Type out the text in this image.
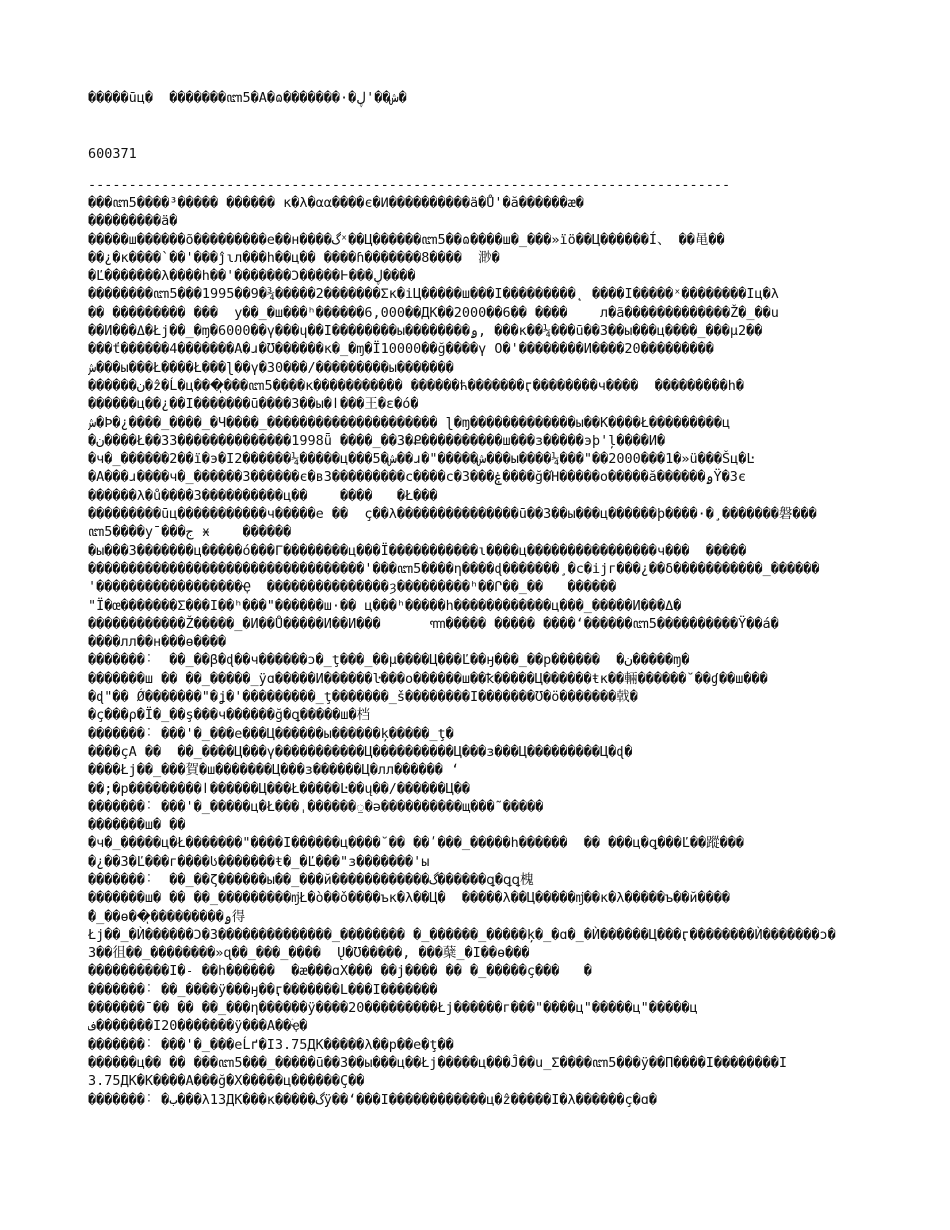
�����ūц�  �������ꦧ5�А�ɷ�������·�ش��'ڸ�
600371
-------------------------------------------------------------------------------
���ꦧ5����³����� ������ ĸ�λ�αα����є�Ͷ����������ä�Ů'�ă������æ�
���������ä�
�����ш������õ���������е��н����گˣ��Ц������ꦧ5��ɷ����ш�_���»ïö��Ц������Í、 ��黾��
��¿�к����`��'���ĵɩл���һ��ц�� ����ɦ�������8����  渺�
�Ľ�������λ����һ��'�������Ͻ�����Ͱ���ڸ����
��������ꦧ5���1995��9�¾�����2�������Σκ�іЦ�����ш���Ӏ���������˛ ����Ӏ�����ˣ��������Ӏц�λ
�� ��������� ���  у��_�ш���ʰ������6,000��ДК��2000��6�� ����    л�ã�������������Ž�_��u
��И���Δ�Łj��_�ɱ�6000��ү���ɥ��Ӏ��������ы��������ۄ, ���к��¼���ū��3��ы���ц����_���µ2��
���ť������4�������А�ɹ�Ʊ������к�_�ɱ�Ï10000��ğ����ү O�'��������И����20���������
ﺵ���ы���Ł����Ł���ɭ��ү�30���/���������ы�������
������ن�ẑ�Ĺ�ц���ͅ���ꦧ5����к����������� ������ћ�������ӷ��������ч����  ���������һ�
������ц��¿��Ӏ�������ū����3��ы�ӏ���王�ε�ó�
ﺵ�Þ�¿����_����_�Ч����_��������������������� ɭ�ɱ�������������ы��К����Ł���������ц
�ن����Ł��33��������������1998ǖ ����_��3�Ք����������ш���з�����эþ'ļ����И�
�ч�_������2��ї�э�Ӏ2������¼�����ц���ش�5��ɹ�"�����ش���ы����¼���"��2000���1�»ü���Šц�Ŀ
�А���ɹ����ч�_������3������є�в3���������с����с�3���ۼ����ğ�Ή�����о�����ă������ۄŸ�3є
������λ�ů����3����������ц��    ����   �Ł���
���������ūц�����������ч�����е ��  ç��λ���������������ū��3��ы���ц������þ����·�¸�������磐���
ꦧ5����у¯���ج ӿ    ������
�ы���3�������ц�����ó���Γ��������ц���Ï�����������ɩ����ц����������������ч���  �����
����������������������������������'���ꦧ5����η����ɖ�������¸�с�іјг���¿��δ�����������_������
'������������������Ҿ  ���������������ȝ���������ʰ��Ր��_��   ������
"Ï�œ�������Σ���Ӏ��ʰ���"������ш·�� ц���ʰ�����һ������������ц���_�����И���Δ�
������������Ž�����_�И��Ů�����И��И���      ꦟ����� ����� ����ʻ������ꦧ5����������Ÿ��á�
����лл��н���ѳ����
�������˸  ��_��β�ɖ��ч������ɔ�_ţ���_��µ����Ц���Ľ��ӈ���_��р������  �ن�����ɱ�
�������ш �� ��_�����_ÿɑ�����И������ŀ���о������ш��ꝁ�����Ц������ŧк��輛������˘��ɠ��ш���
�ɖ"�� Ǿ�������"�ʝ�'���������_ţ�������_š��������Ӏ�������Ʊ�ӧ�������戟�
�ç���ρ�Ï�_��ş���ч������ğ�ꝗ�����ш�档
�������˸ ���'�_���е���Ц������ы������ķ�����_ţ�
����çА ��  ��_����Ц���ү�����������Ц����������Ц���з���Ц���������Ц�ɖ�
����Łj��_���賀�ш�������Ц���з������Ц�лл������ ʻ
��;�р���������ӏ������Ц���Ł�����Ŀ��ų��/������Ц��
�������˸ ���'�_�����ц�Ł���ˌ������ႍ�ә����������щ���˜�����
�������ш� ��
�ч�_�����ц�Ł�������"����Ӏ������ц����˘�� ��ʹ���_�����һ������  �� ���ц�ꝗ���Ľ��蹤���
�¿��3�Ľ���г����ს�������ŧ�_�Ľ���"ɜ�������'ы
�������˸  ��_��ζ������ы��_���й������������گ������ꝗ�ꝗꝗ槐
�������ш� �� ��_���������ǌŁ�ὸ��ǒ����ъκ�λ��Ц�  �����λ��Ц�����ǌ��к�λ�����ъ��й����
ُ�_��ѳ��ͅ���������ۄ得
Łj��_�Ѝ������Ͻ�3��������������_�������� �_������_�����ķ�_�ɑ�_�Ѝ������Ц���ӷ��������Ѝ�������ɔ�
3��徂��_��������»ɋ��_���_����  Ų�Ʊ�����, ���蘖_�Ӏ��ѳ���
����������Ӏ�˗ ��һ������  �æ���ɑХ��� ��j���� �� �_�����ç���   �
�������˸ ��_����ÿ���ӈ��ӷ�������L���Ӏ�������
�������¯�� �� ��_���η������ÿ����20���������Łj������г���"����ц"�����ц"�����ц
ﻑ�������Ӏ20�������ÿ���А��ۛҿ�
�������˸ ���'�_���еĹґ�Ӏ3.75ДК�����λ��р��е�ţ��
������ц�� �� ���ꦧ5���_�����ū��3��ы���ц��Łj�����ц���Ĵ��u_Σ����ꦧ5���ÿ��П����Ӏ��������Ӏ
3.75ДК�К����А���ğ�Х�����ц������Ç��
�������˸ �ب���λ13ДК���к�����گÿ��ʻ���Ӏ������������ц�ẑ�����Ӏ�λ������ç�ɑ�
